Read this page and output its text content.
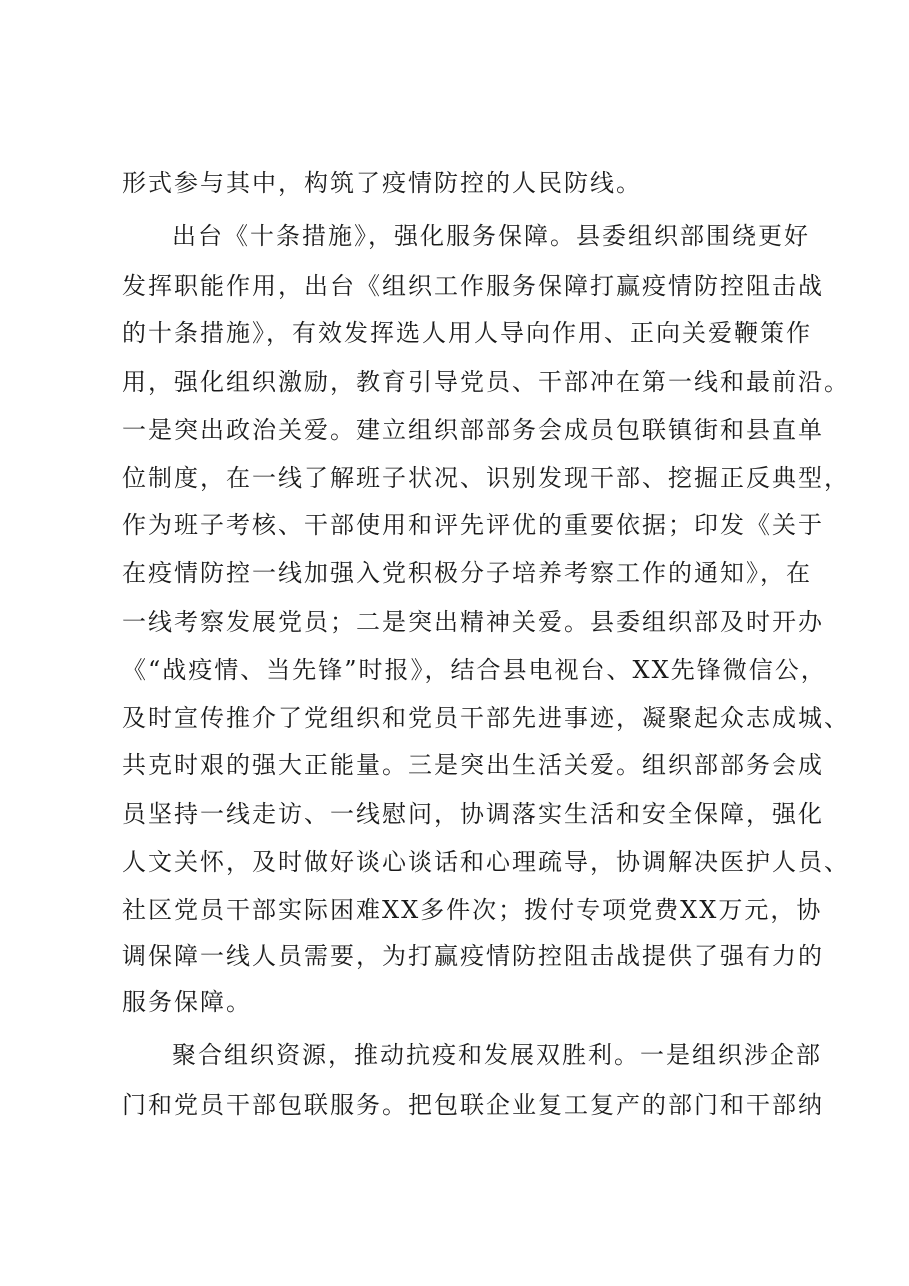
形式参与其中，构筑了疫情防控的人民防线。
出台《十条措施》，强化服务保障。县委组织部围绕更好
发挥职能作用，出台《组织工作服务保障打赢疫情防控阻击战
的十条措施》，有效发挥选人用人导向作用、正向关爱鞭策作
用，强化组织激励，教育引导党员、干部冲在第一线和最前沿。
一是突出政治关爱。建立组织部部务会成员包联镇街和县直单
位制度，在一线了解班子状况、识别发现干部、挖掘正反典型，
作为班子考核、干部使用和评先评优的重要依据；印发《关于
在疫情防控一线加强入党积极分子培养考察工作的通知》，在
一线考察发展党员；二是突出精神关爱。县委组织部及时开办
《“战疫情、当先锋”时报》，结合县电视台、XX先锋微信公，
及时宣传推介了党组织和党员干部先进事迹，凝聚起众志成城、
共克时艰的强大正能量。三是突出生活关爱。组织部部务会成
员坚持一线走访、一线慰问，协调落实生活和安全保障，强化
人文关怀，及时做好谈心谈话和心理疏导，协调解决医护人员、
社区党员干部实际困难XX多件次；拨付专项党费XX万元，协
调保障一线人员需要，为打赢疫情防控阻击战提供了强有力的
服务保障。
聚合组织资源，推动抗疫和发展双胜利。一是组织涉企部
门和党员干部包联服务。把包联企业复工复产的部门和干部纳
